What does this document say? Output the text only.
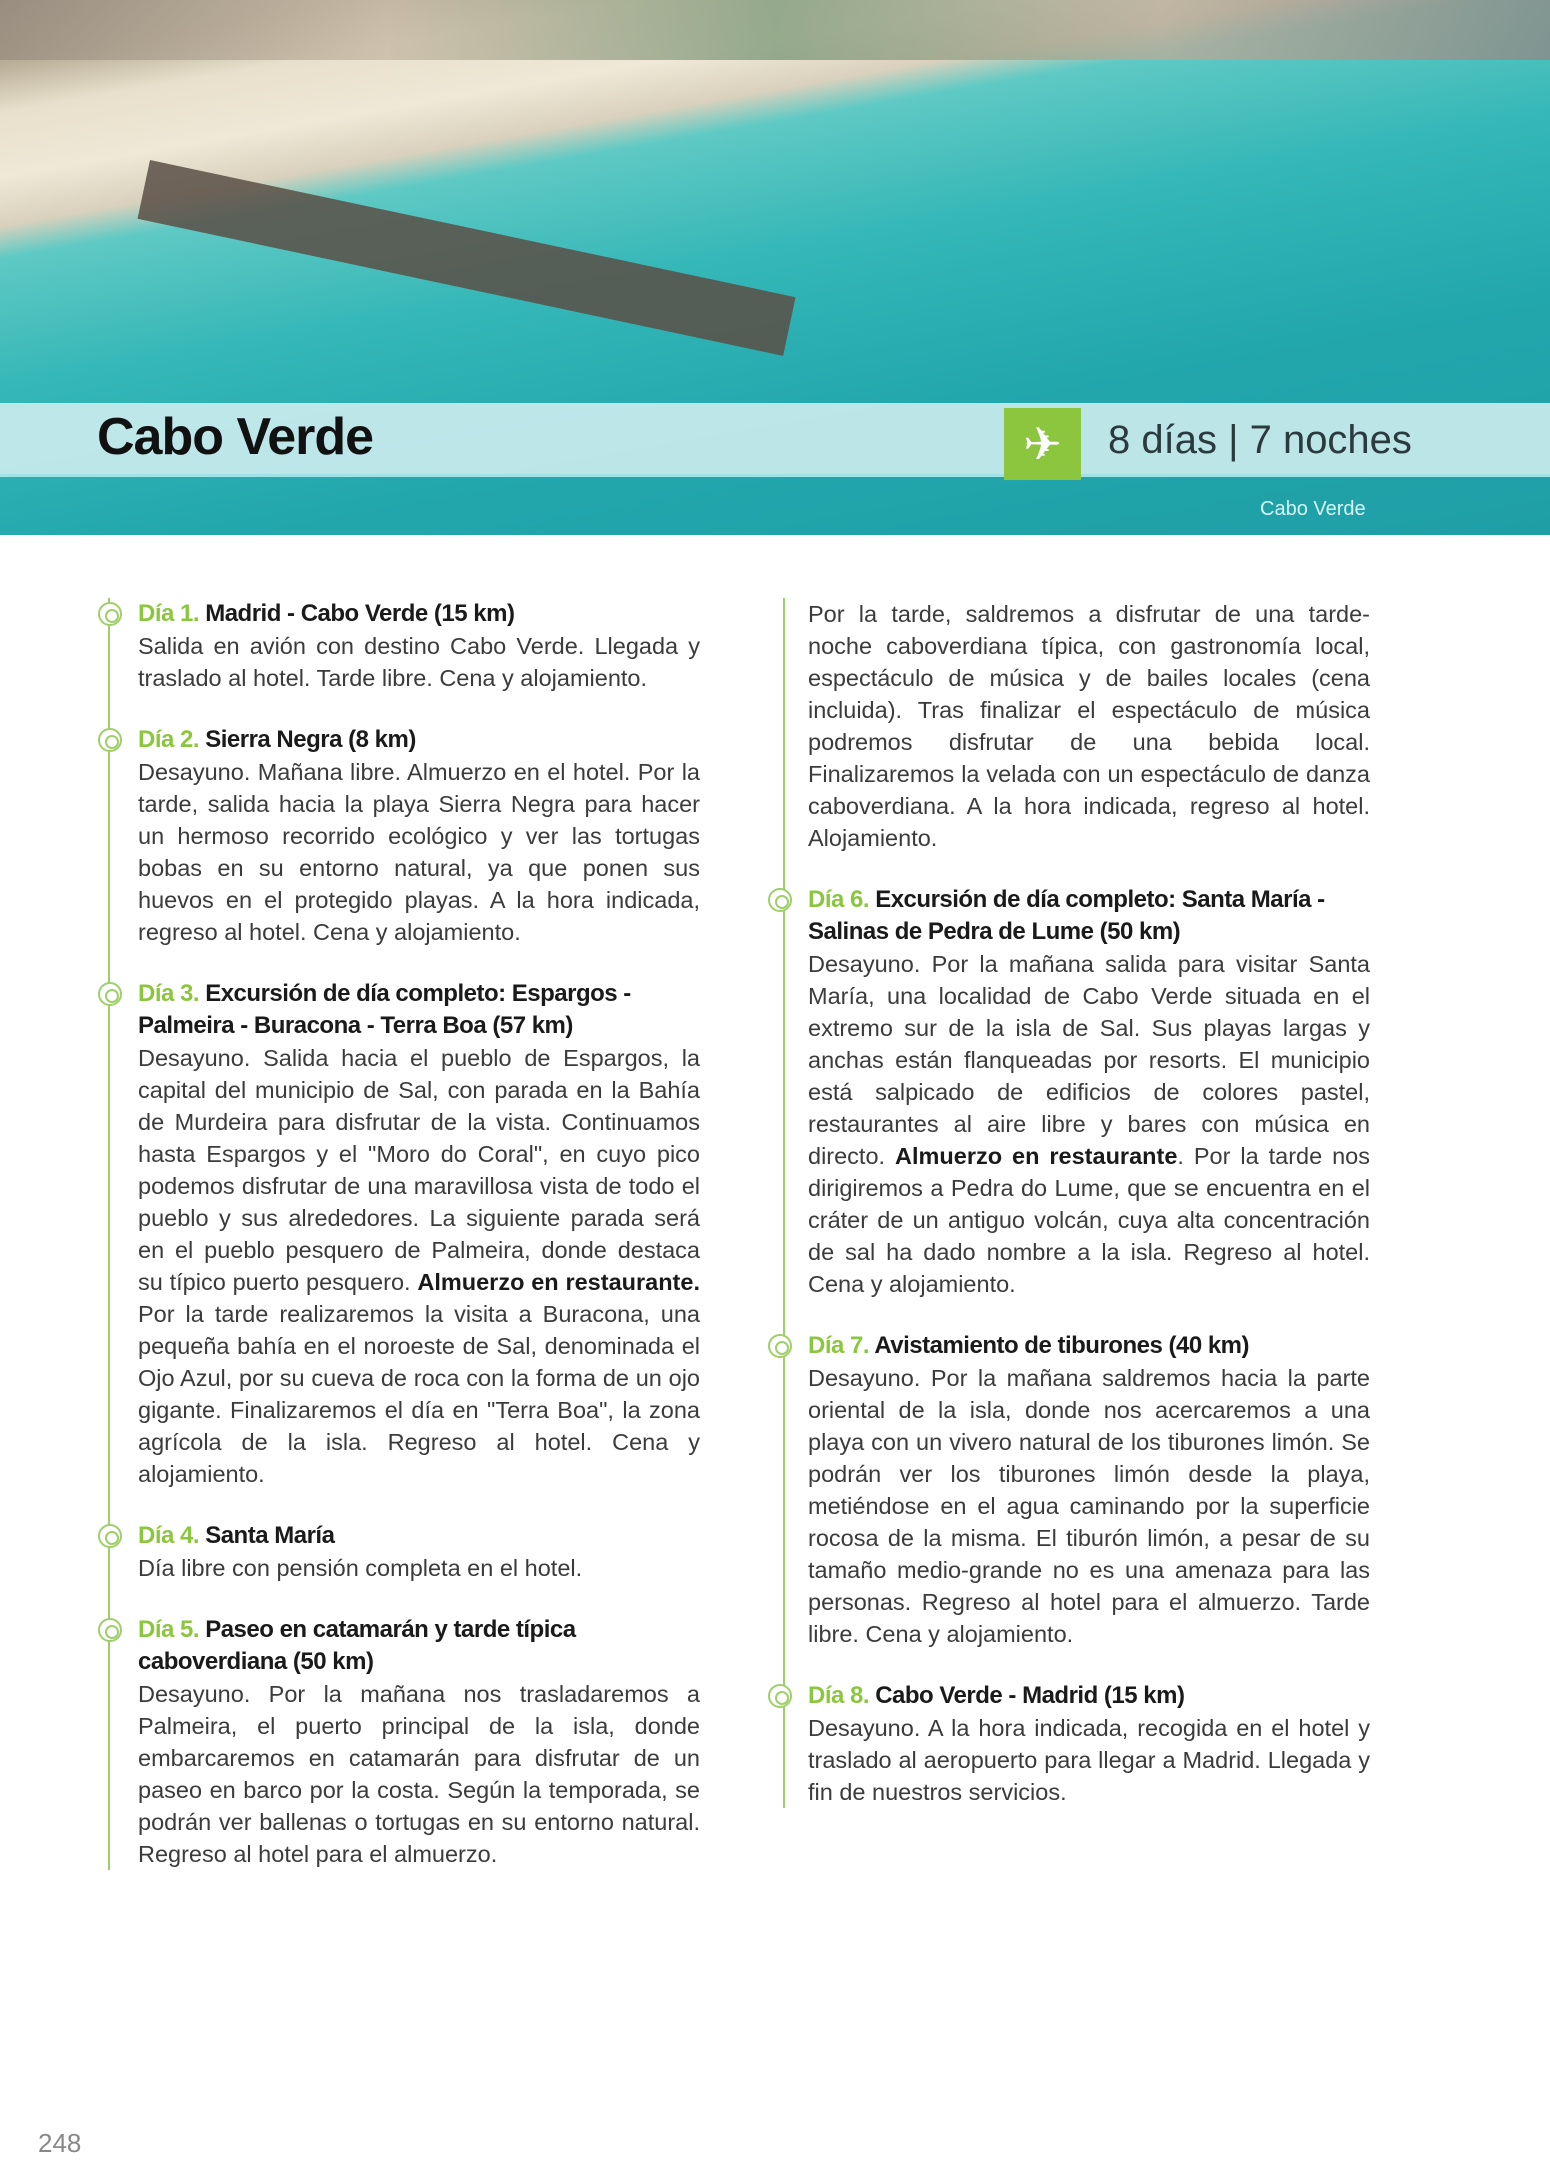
Cabo Verde	✈	8 días | 7 noches
Cabo Verde
Día 1. Madrid - Cabo Verde (15 km)
Salida en avión con destino Cabo Verde. Llegada y traslado al hotel. Tarde libre. Cena y alojamiento.
Día 2. Sierra Negra (8 km)
Desayuno. Mañana libre. Almuerzo en el hotel. Por la tarde, salida hacia la playa Sierra Negra para hacer un hermoso recorrido ecológico y ver las tortugas bobas en su entorno natural, ya que ponen sus huevos en el protegido playas. A la hora indicada, regreso al hotel. Cena y alojamiento.
Día 3. Excursión de día completo: Espargos - Palmeira - Buracona - Terra Boa (57 km)
Desayuno. Salida hacia el pueblo de Espargos, la capital del municipio de Sal, con parada en la Bahía de Murdeira para disfrutar de la vista. Continuamos hasta Espargos y el "Moro do Coral", en cuyo pico podemos disfrutar de una maravillosa vista de todo el pueblo y sus alrededores. La siguiente parada será en el pueblo pesquero de Palmeira, donde destaca su típico puerto pesquero. Almuerzo en restaurante. Por la tarde realizaremos la visita a Buracona, una pequeña bahía en el noroeste de Sal, denominada el Ojo Azul, por su cueva de roca con la forma de un ojo gigante. Finalizaremos el día en "Terra Boa", la zona agrícola de la isla. Regreso al hotel. Cena y alojamiento.
Día 4. Santa María
Día libre con pensión completa en el hotel.
Día 5. Paseo en catamarán y tarde típica caboverdiana (50 km)
Desayuno. Por la mañana nos trasladaremos a Palmeira, el puerto principal de la isla, donde embarcaremos en catamarán para disfrutar de un paseo en barco por la costa. Según la temporada, se podrán ver ballenas o tortugas en su entorno natural. Regreso al hotel para el almuerzo.
Por la tarde, saldremos a disfrutar de una tarde-noche caboverdiana típica, con gastronomía local, espectáculo de música y de bailes locales (cena incluida). Tras finalizar el espectáculo de música podremos disfrutar de una bebida local. Finalizaremos la velada con un espectáculo de danza caboverdiana. A la hora indicada, regreso al hotel. Alojamiento.
Día 6. Excursión de día completo: Santa María - Salinas de Pedra de Lume (50 km)
Desayuno. Por la mañana salida para visitar Santa María, una localidad de Cabo Verde situada en el extremo sur de la isla de Sal. Sus playas largas y anchas están flanqueadas por resorts. El municipio está salpicado de edificios de colores pastel, restaurantes al aire libre y bares con música en directo. Almuerzo en restaurante. Por la tarde nos dirigiremos a Pedra do Lume, que se encuentra en el cráter de un antiguo volcán, cuya alta concentración de sal ha dado nombre a la isla. Regreso al hotel. Cena y alojamiento.
Día 7. Avistamiento de tiburones (40 km)
Desayuno. Por la mañana saldremos hacia la parte oriental de la isla, donde nos acercaremos a una playa con un vivero natural de los tiburones limón. Se podrán ver los tiburones limón desde la playa, metiéndose en el agua caminando por la superficie rocosa de la misma. El tiburón limón, a pesar de su tamaño medio-grande no es una amenaza para las personas. Regreso al hotel para el almuerzo. Tarde libre. Cena y alojamiento.
Día 8. Cabo Verde - Madrid (15 km)
Desayuno. A la hora indicada, recogida en el hotel y traslado al aeropuerto para llegar a Madrid. Llegada y fin de nuestros servicios.
248
